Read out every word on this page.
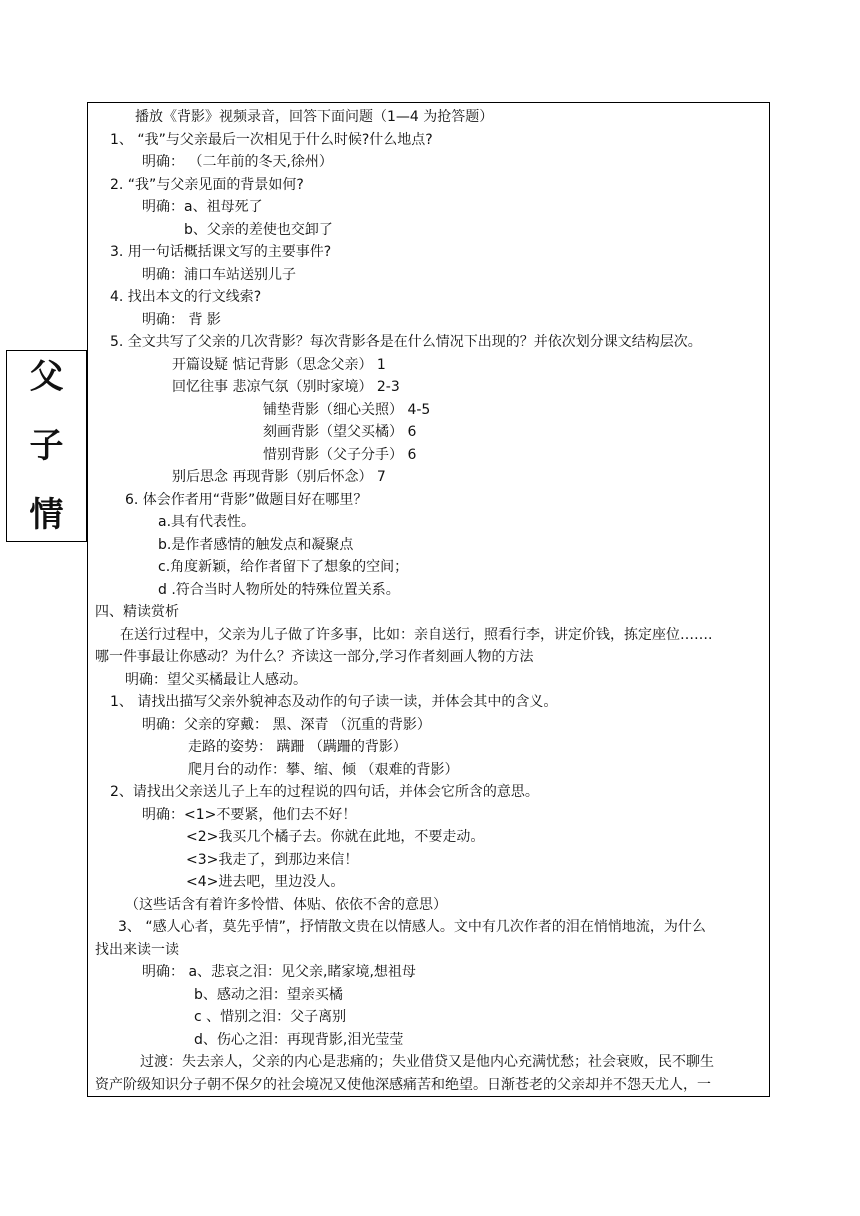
父
子
情
播放《背影》视频录音，回答下面问题（1—4 为抢答题）
1、 “我”与父亲最后一次相见于什么时候?什么地点?
明确： （二年前的冬天,徐州）
2. “我”与父亲见面的背景如何?
明确：a、祖母死了
b、父亲的差使也交卸了
3. 用一句话概括课文写的主要事件?
明确：浦口车站送别儿子
4. 找出本文的行文线索?
明确： 背 影
5. 全文共写了父亲的几次背影？每次背影各是在什么情况下出现的？并依次划分课文结构层次。
开篇设疑 惦记背影（思念父亲） 1
回忆往事 悲凉气氛（别时家境） 2-3
铺垫背影（细心关照） 4-5
刻画背影（望父买橘） 6
惜别背影（父子分手） 6
别后思念 再现背影（别后怀念） 7
6. 体会作者用“背影”做题目好在哪里？
a.具有代表性。
b.是作者感情的触发点和凝聚点
c.角度新颖，给作者留下了想象的空间；
d .符合当时人物所处的特殊位置关系。
四、精读赏析
在送行过程中，父亲为儿子做了许多事，比如：亲自送行，照看行李，讲定价钱，拣定座位…….
哪一件事最让你感动？为什么？齐读这一部分,学习作者刻画人物的方法
明确：望父买橘最让人感动。
1、 请找出描写父亲外貌神态及动作的句子读一读，并体会其中的含义。
明确：父亲的穿戴： 黑、深青 （沉重的背影）
走路的姿势： 蹒跚 （蹒跚的背影）
爬月台的动作：攀、缩、倾 （艰难的背影）
2、请找出父亲送儿子上车的过程说的四句话，并体会它所含的意思。
明确：<1>不要紧，他们去不好！
<2>我买几个橘子去。你就在此地，不要走动。
<3>我走了，到那边来信！
<4>进去吧，里边没人。
（这些话含有着许多怜惜、体贴、依依不舍的意思）
3、 “感人心者，莫先乎情”，抒情散文贵在以情感人。文中有几次作者的泪在悄悄地流，为什么
找出来读一读
明确： a、悲哀之泪：见父亲,睹家境,想祖母
b、感动之泪：望亲买橘
c 、惜别之泪：父子离别
d、伤心之泪：再现背影,泪光莹莹
过渡：失去亲人，父亲的内心是悲痛的；失业借贷又是他内心充满忧愁；社会衰败，民不聊生
资产阶级知识分子朝不保夕的社会境况又使他深感痛苦和绝望。日渐苍老的父亲却并不怨天尤人，一
